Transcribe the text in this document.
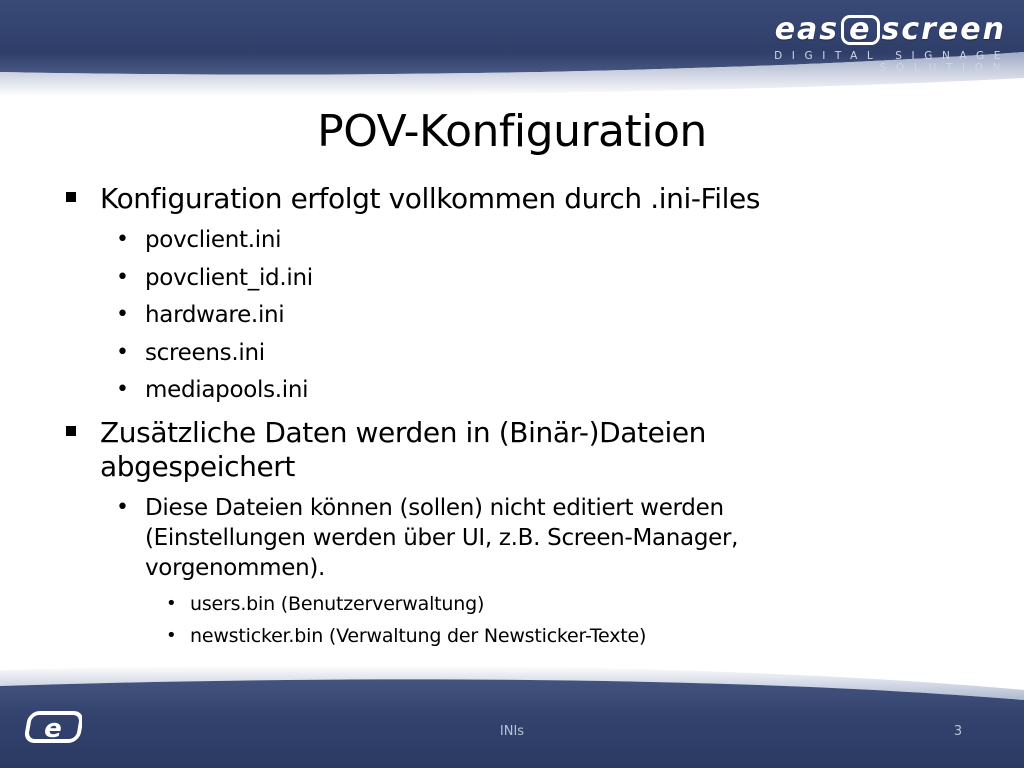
eas e screen
DIGITAL SIGNAGE SOLUTION
POV-Konfiguration
Konfiguration erfolgt vollkommen durch .ini-Files
• povclient.ini
• povclient_id.ini
• hardware.ini
• screens.ini
• mediapools.ini
Zusätzliche Daten werden in (Binär-)Dateien
abgespeichert
• Diese Dateien können (sollen) nicht editiert werden
(Einstellungen werden über UI, z.B. Screen-Manager,
vorgenommen).
• users.bin (Benutzerverwaltung)
• newsticker.bin (Verwaltung der Newsticker-Texte)
e	INIs	3
